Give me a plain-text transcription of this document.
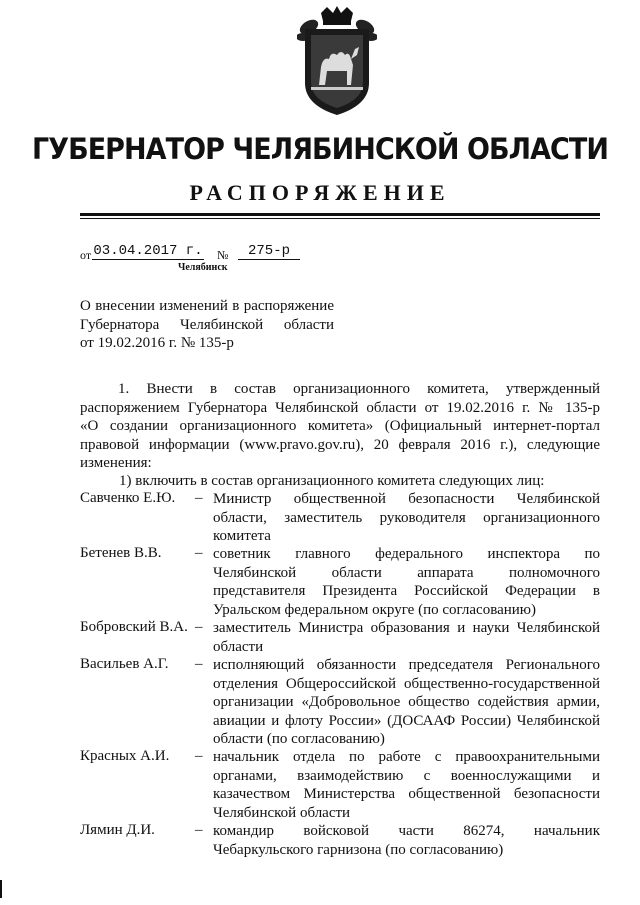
ГУБЕРНАТОР ЧЕЛЯБИНСКОЙ ОБЛАСТИ
РАСПОРЯЖЕНИЕ
от 03.04.2017 г. №	275-р
Челябинск
О внесении изменений в распоряжение
Губернатора Челябинской области
от 19.02.2016 г. № 135-р
1. Внести в состав организационного комитета, утвержденный
распоряжением Губернатора Челябинской области от 19.02.2016 г. № 135-р
«О создании организационного комитета» (Официальный интернет-портал
правовой информации (www.pravo.gov.ru), 20 февраля 2016 г.), следующие
изменения:
1) включить в состав организационного комитета следующих лиц:
Савченко Е.Ю. – Министр общественной безопасности Челябинской
области, заместитель руководителя организационного
комитета
Бетенев В.В. – советник главного федерального инспектора по
Челябинской области аппарата полномочного
представителя Президента Российской Федерации в
Уральском федеральном округе (по согласованию)
Бобровский В.А. – заместитель Министра образования и науки Челябинской
области
Васильев А.Г. – исполняющий обязанности председателя Регионального
отделения Общероссийской общественно-государственной
организации «Добровольное общество содействия армии,
авиации и флоту России» (ДОСААФ России) Челябинской
области (по согласованию)
Красных А.И. – начальник отдела по работе с правоохранительными
органами, взаимодействию с военнослужащими и
казачеством Министерства общественной безопасности
Челябинской области
Лямин Д.И.	– командир войсковой части 86274, начальник
Чебаркульского гарнизона (по согласованию)
